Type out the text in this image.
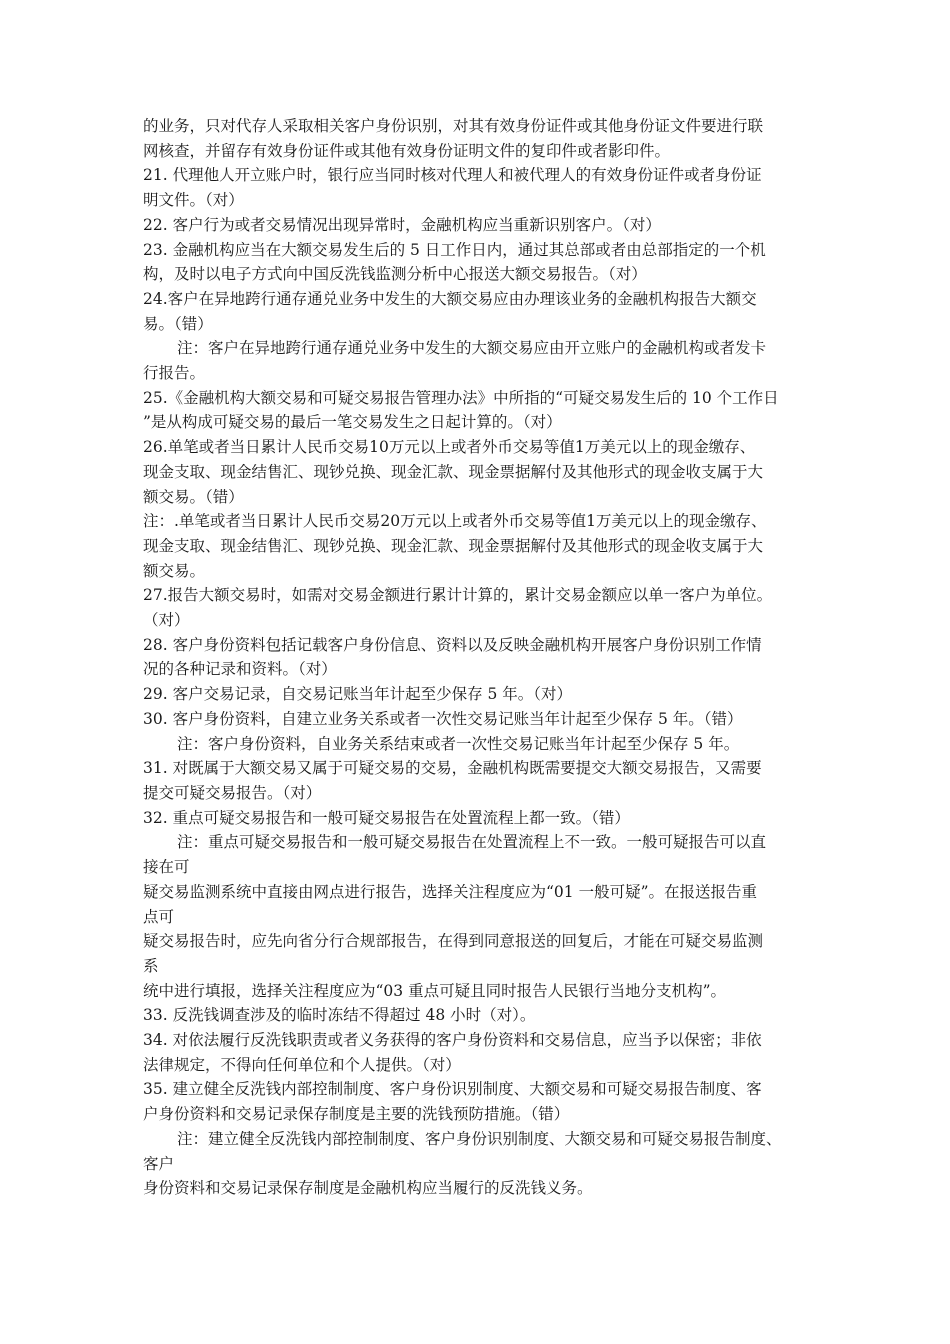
的业务，只对代存人采取相关客户身份识别，对其有效身份证件或其他身份证文件要进行联

网核查，并留存有效身份证件或其他有效身份证明文件的复印件或者影印件。

21. 代理他人开立账户时，银行应当同时核对代理人和被代理人的有效身份证件或者身份证

明文件。（对）

22. 客户行为或者交易情况出现异常时，金融机构应当重新识别客户。（对）

23. 金融机构应当在大额交易发生后的 5 日工作日内，通过其总部或者由总部指定的一个机

构，及时以电子方式向中国反洗钱监测分析中心报送大额交易报告。（对）

24.客户在异地跨行通存通兑业务中发生的大额交易应由办理该业务的金融机构报告大额交

易。（错）

注：客户在异地跨行通存通兑业务中发生的大额交易应由开立账户的金融机构或者发卡

行报告。

25.《金融机构大额交易和可疑交易报告管理办法》中所指的“可疑交易发生后的 10 个工作日

”是从构成可疑交易的最后一笔交易发生之日起计算的。（对）

26.单笔或者当日累计人民币交易10万元以上或者外币交易等值1万美元以上的现金缴存、

现金支取、现金结售汇、现钞兑换、现金汇款、现金票据解付及其他形式的现金收支属于大

额交易。（错）

注：.单笔或者当日累计人民币交易20万元以上或者外币交易等值1万美元以上的现金缴存、

现金支取、现金结售汇、现钞兑换、现金汇款、现金票据解付及其他形式的现金收支属于大

额交易。

27.报告大额交易时，如需对交易金额进行累计计算的，累计交易金额应以单一客户为单位。

（对）

28. 客户身份资料包括记载客户身份信息、资料以及反映金融机构开展客户身份识别工作情

况的各种记录和资料。（对）

29. 客户交易记录，自交易记账当年计起至少保存 5 年。（对）

30. 客户身份资料，自建立业务关系或者一次性交易记账当年计起至少保存 5 年。（错）

注：客户身份资料，自业务关系结束或者一次性交易记账当年计起至少保存 5 年。

31. 对既属于大额交易又属于可疑交易的交易，金融机构既需要提交大额交易报告，又需要

提交可疑交易报告。（对）

32. 重点可疑交易报告和一般可疑交易报告在处置流程上都一致。（错）

注：重点可疑交易报告和一般可疑交易报告在处置流程上不一致。一般可疑报告可以直

接在可

疑交易监测系统中直接由网点进行报告，选择关注程度应为“01 一般可疑”。在报送报告重

点可

疑交易报告时，应先向省分行合规部报告，在得到同意报送的回复后，才能在可疑交易监测

系

统中进行填报，选择关注程度应为“03 重点可疑且同时报告人民银行当地分支机构”。

33. 反洗钱调查涉及的临时冻结不得超过 48 小时（对）。

34. 对依法履行反洗钱职责或者义务获得的客户身份资料和交易信息，应当予以保密；非依

法律规定，不得向任何单位和个人提供。（对）

35. 建立健全反洗钱内部控制制度、客户身份识别制度、大额交易和可疑交易报告制度、客

户身份资料和交易记录保存制度是主要的洗钱预防措施。（错）

注：建立健全反洗钱内部控制制度、客户身份识别制度、大额交易和可疑交易报告制度、

客户

身份资料和交易记录保存制度是金融机构应当履行的反洗钱义务。
